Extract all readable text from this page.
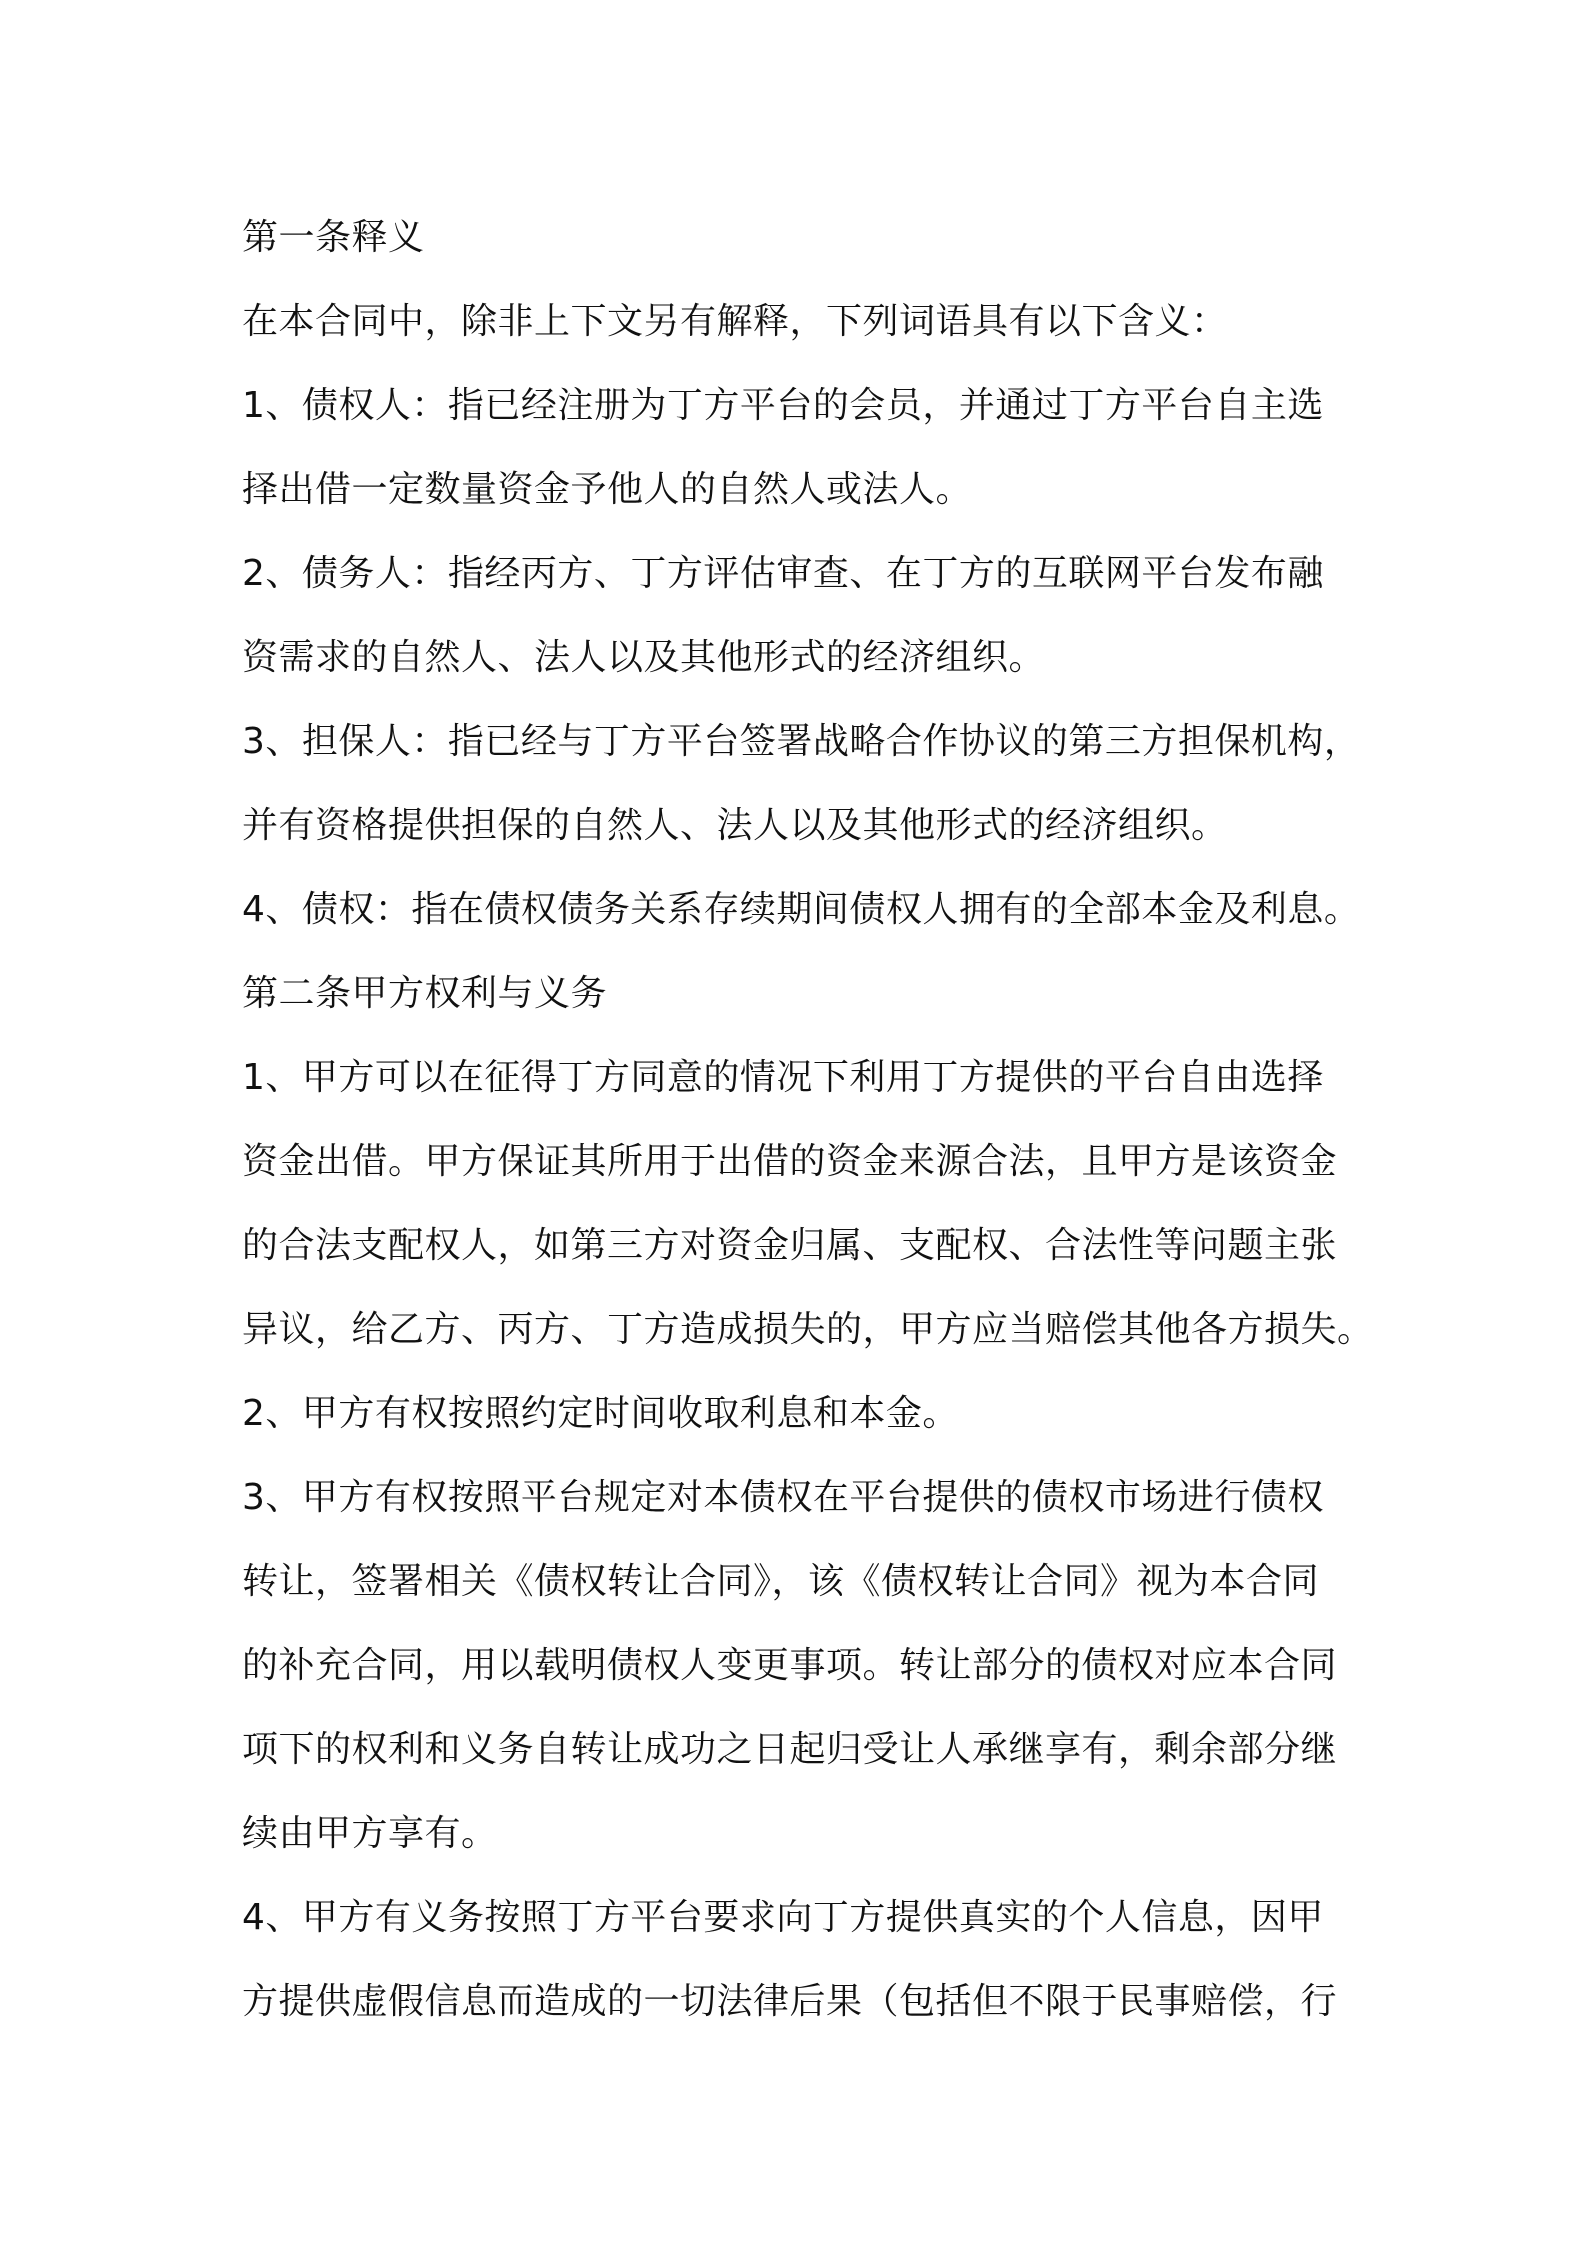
第一条释义
在本合同中，除非上下文另有解释，下列词语具有以下含义：
1、债权人：指已经注册为丁方平台的会员，并通过丁方平台自主选
择出借一定数量资金予他人的自然人或法人。
2、债务人：指经丙方、丁方评估审查、在丁方的互联网平台发布融
资需求的自然人、法人以及其他形式的经济组织。
3、担保人：指已经与丁方平台签署战略合作协议的第三方担保机构，
并有资格提供担保的自然人、法人以及其他形式的经济组织。
4、债权：指在债权债务关系存续期间债权人拥有的全部本金及利息。
第二条甲方权利与义务
1、甲方可以在征得丁方同意的情况下利用丁方提供的平台自由选择
资金出借。甲方保证其所用于出借的资金来源合法，且甲方是该资金
的合法支配权人，如第三方对资金归属、支配权、合法性等问题主张
异议，给乙方、丙方、丁方造成损失的，甲方应当赔偿其他各方损失。
2、甲方有权按照约定时间收取利息和本金。
3、甲方有权按照平台规定对本债权在平台提供的债权市场进行债权
转让，签署相关《债权转让合同》，该《债权转让合同》视为本合同
的补充合同，用以载明债权人变更事项。转让部分的债权对应本合同
项下的权利和义务自转让成功之日起归受让人承继享有，剩余部分继
续由甲方享有。
4、甲方有义务按照丁方平台要求向丁方提供真实的个人信息，因甲
方提供虚假信息而造成的一切法律后果（包括但不限于民事赔偿，行
